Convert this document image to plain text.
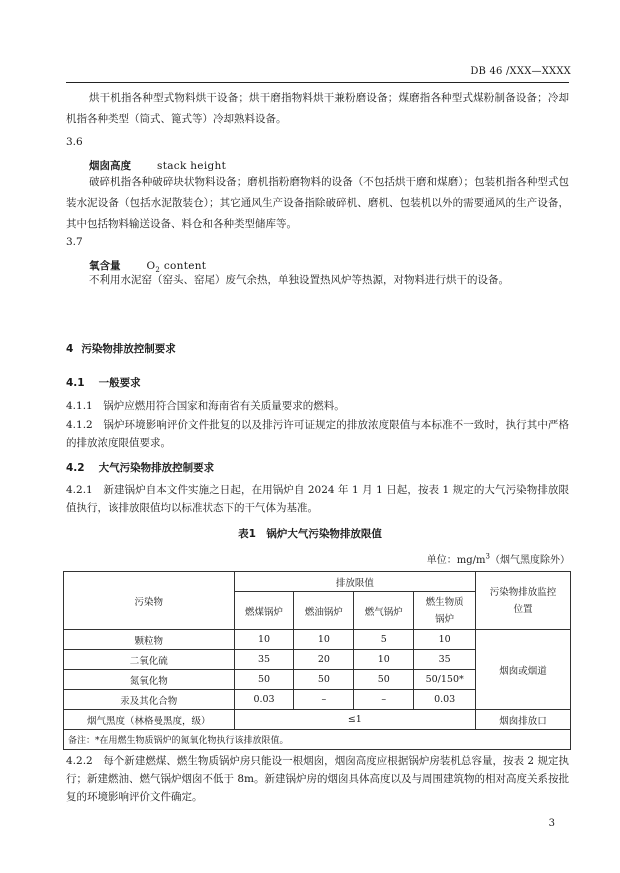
DB 46 /XXX—XXXX
烘干机指各种型式物料烘干设备；烘干磨指物料烘干兼粉磨设备；煤磨指各种型式煤粉制备设备；冷却机指各种类型（筒式、篦式等）冷却熟料设备。
3.6
烟囱高度 stack height
破碎机指各种破碎块状物料设备；磨机指粉磨物料的设备（不包括烘干磨和煤磨）；包装机指各种型式包装水泥设备（包括水泥散装仓）；其它通风生产设备指除破碎机、磨机、包装机以外的需要通风的生产设备，其中包括物料输送设备、料仓和各种类型储库等。
3.7
氧含量 $O_2$ content
不利用水泥窑（窑头、窑尾）废气余热，单独设置热风炉等热源，对物料进行烘干的设备。
4 污染物排放控制要求
4.1 一般要求
4.1.1　锅炉应燃用符合国家和海南省有关质量要求的燃料。
4.1.2　锅炉环境影响评价文件批复的以及排污许可证规定的排放浓度限值与本标准不一致时，执行其中严格的排放浓度限值要求。
4.2 大气污染物排放控制要求
4.2.1　新建锅炉自本文件实施之日起，在用锅炉自 2024 年 1 月 1 日起，按表 1 规定的大气污染物排放限值执行，该排放限值均以标准状态下的干气体为基准。
表1　锅炉大气污染物排放限值
单位：$mg/m^3$（烟气黑度除外）
污染物	排放限值				污染物排放监控位置
	燃煤锅炉	燃油锅炉	燃气锅炉	燃生物质锅炉	
颗粒物	10	10	5	10	烟囱或烟道
二氧化硫	35	20	10	35	
氮氧化物	50	50	50	50/150*	
汞及其化合物	0.03	–	–	0.03	
烟气黑度（林格曼黑度，级）	≤1				烟囱排放口
备注：*在用燃生物质锅炉的氮氧化物执行该排放限值。					
4.2.2　每个新建燃煤、燃生物质锅炉房只能设一根烟囱，烟囱高度应根据锅炉房装机总容量，按表 2 规定执行；新建燃油、燃气锅炉烟囱不低于 8m。新建锅炉房的烟囱具体高度以及与周围建筑物的相对高度关系按批复的环境影响评价文件确定。
3
